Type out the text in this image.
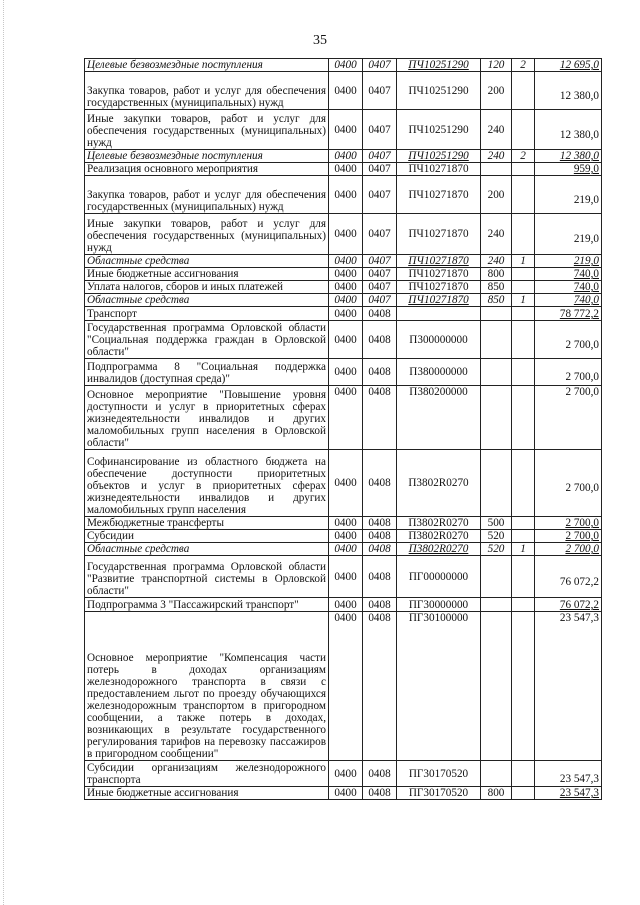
35
Целевые безвозмездные поступления	0400	0407	ПЧ10251290	120	2	12 695,0
Закупка товаров, работ и услуг для обеспечения государственных (муниципальных) нужд	0400	0407	ПЧ10251290	200		12 380,0
Иные закупки товаров, работ и услуг для обеспечения государственных (муниципальных) нужд	0400	0407	ПЧ10251290	240		12 380,0
Целевые безвозмездные поступления	0400	0407	ПЧ10251290	240	2	12 380,0
Реализация основного мероприятия	0400	0407	ПЧ10271870			959,0
Закупка товаров, работ и услуг для обеспечения государственных (муниципальных) нужд	0400	0407	ПЧ10271870	200		219,0
Иные закупки товаров, работ и услуг для обеспечения государственных (муниципальных) нужд	0400	0407	ПЧ10271870	240		219,0
Областные средства	0400	0407	ПЧ10271870	240	1	219,0
Иные бюджетные ассигнования	0400	0407	ПЧ10271870	800		740,0
Уплата налогов, сборов и иных платежей	0400	0407	ПЧ10271870	850		740,0
Областные средства	0400	0407	ПЧ10271870	850	1	740,0
Транспорт	0400	0408				78 772,2
Государственная программа Орловской области "Социальная поддержка граждан в Орловской области"	0400	0408	П300000000			2 700,0
Подпрограмма 8 "Социальная поддержка инвалидов (доступная среда)"	0400	0408	П380000000			2 700,0
Основное мероприятие "Повышение уровня доступности и услуг в приоритетных сферах жизнедеятельности инвалидов и других маломобильных групп населения в Орловской области"	0400	0408	П380200000			2 700,0
Софинансирование из областного бюджета на обеспечение доступности приоритетных объектов и услуг в приоритетных сферах жизнедеятельности инвалидов и других маломобильных групп населения	0400	0408	П3802R0270			2 700,0
Межбюджетные трансферты	0400	0408	П3802R0270	500		2 700,0
Субсидии	0400	0408	П3802R0270	520		2 700,0
Областные средства	0400	0408	П3802R0270	520	1	2 700,0
Государственная программа Орловской области "Развитие транспортной системы в Орловской области"	0400	0408	ПГ00000000			76 072,2
Подпрограмма 3 "Пассажирский транспорт"	0400	0408	ПГ30000000			76 072,2
Основное мероприятие "Компенсация части потерь в доходах организациям железнодорожного транспорта в связи с предоставлением льгот по проезду обучающихся железнодорожным транспортом в пригородном сообщении, а также потерь в доходах, возникающих в результате государственного регулирования тарифов на перевозку пассажиров в пригородном сообщении"	0400	0408	ПГ30100000			23 547,3
Субсидии организациям железнодорожного транспорта	0400	0408	ПГ30170520			23 547,3
Иные бюджетные ассигнования	0400	0408	ПГ30170520	800		23 547,3
